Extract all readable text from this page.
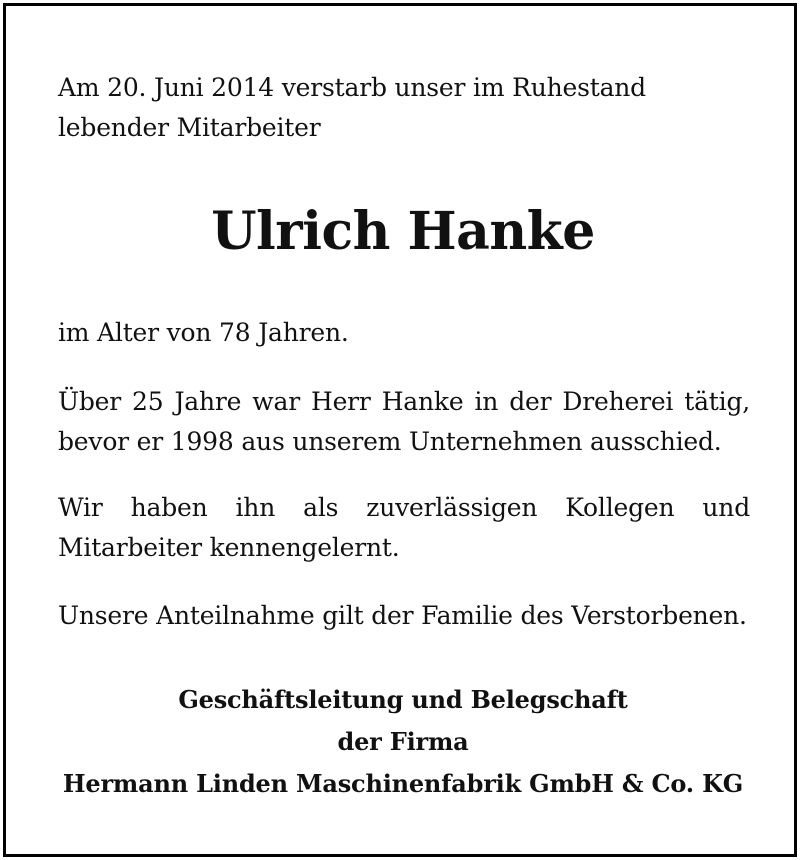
Am 20. Juni 2014 verstarb unser im Ruhestand lebender Mitarbeiter

Ulrich Hanke

im Alter von 78 Jahren.

Über 25 Jahre war Herr Hanke in der Dreherei tätig, bevor er 1998 aus unserem Unternehmen ausschied.

Wir haben ihn als zuverlässigen Kollegen und Mitarbeiter kennengelernt.

Unsere Anteilnahme gilt der Familie des Verstorbenen.

Geschäftsleitung und Belegschaft
der Firma
Hermann Linden Maschinenfabrik GmbH & Co. KG
